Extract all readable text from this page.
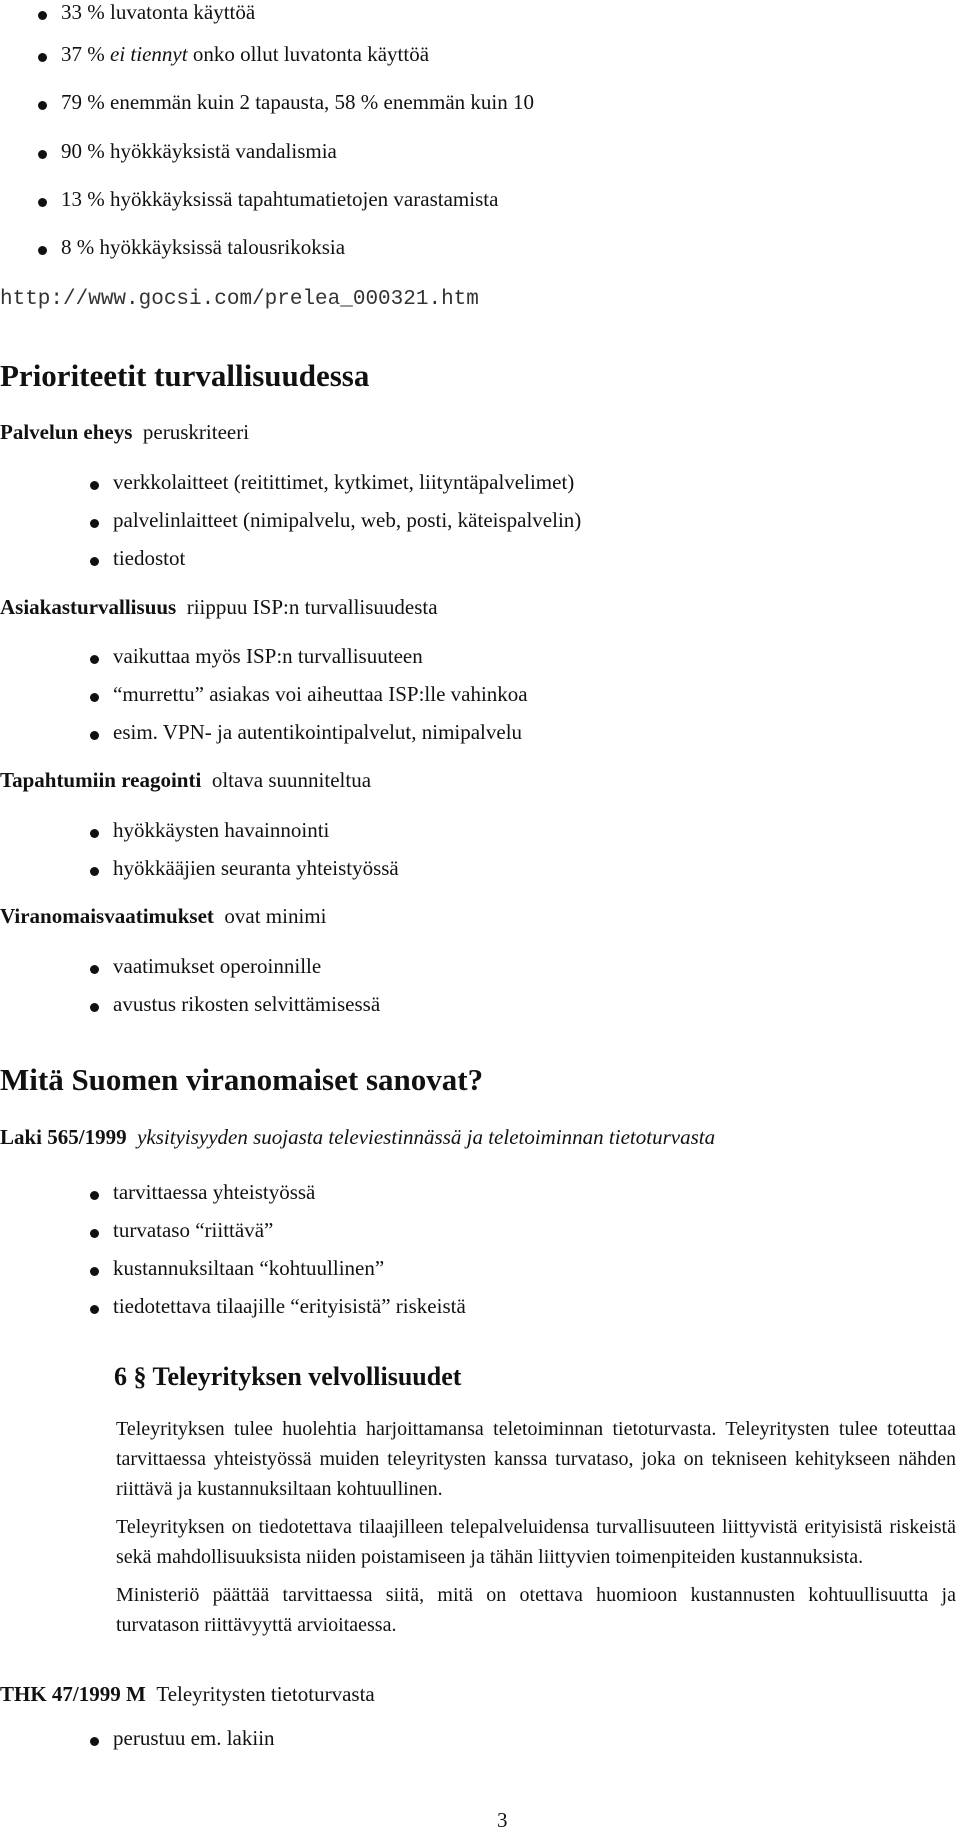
33 % luvatonta käyttöä
37 % ei tiennyt onko ollut luvatonta käyttöä
79 % enemmän kuin 2 tapausta, 58 % enemmän kuin 10
90 % hyökkäyksistä vandalismia
13 % hyökkäyksissä tapahtumatietojen varastamista
8 % hyökkäyksissä talousrikoksia
http://www.gocsi.com/prelea_000321.htm
Prioriteetit turvallisuudessa
Palvelun eheys peruskriteeri
verkkolaitteet (reitittimet, kytkimet, liityntäpalvelimet)
palvelinlaitteet (nimipalvelu, web, posti, käteispalvelin)
tiedostot
Asiakasturvallisuus riippuu ISP:n turvallisuudesta
vaikuttaa myös ISP:n turvallisuuteen
“murrettu” asiakas voi aiheuttaa ISP:lle vahinkoa
esim. VPN- ja autentikointipalvelut, nimipalvelu
Tapahtumiin reagointi oltava suunniteltua
hyökkäysten havainnointi
hyökkääjien seuranta yhteistyössä
Viranomaisvaatimukset ovat minimi
vaatimukset operoinnille
avustus rikosten selvittämisessä
Mitä Suomen viranomaiset sanovat?
Laki 565/1999 yksityisyyden suojasta televiestinnässä ja teletoiminnan tietoturvasta
tarvittaessa yhteistyössä
turvataso “riittävä”
kustannuksiltaan “kohtuullinen”
tiedotettava tilaajille “erityisistä” riskeistä
6 § Teleyrityksen velvollisuudet

Teleyrityksen tulee huolehtia harjoittamansa teletoiminnan tietoturvasta. Teleyritysten tulee toteuttaa tarvittaessa yhteistyössä muiden teleyritysten kanssa turvataso, joka on tekniseen kehitykseen nähden riittävä ja kustannuksiltaan kohtuullinen.

Teleyrityksen on tiedotettava tilaajilleen telepalveluidensa turvallisuuteen liittyvistä erityisistä riskeistä sekä mahdollisuuksista niiden poistamiseen ja tähän liittyvien toimenpiteiden kustannuksista.

Ministeriö päättää tarvittaessa siitä, mitä on otettava huomioon kustannusten kohtuullisuutta ja turvatason riittävyyttä arvioitaessa.

THK 47/1999 M Teleyritysten tietoturvasta
perustuu em. lakiin
3
